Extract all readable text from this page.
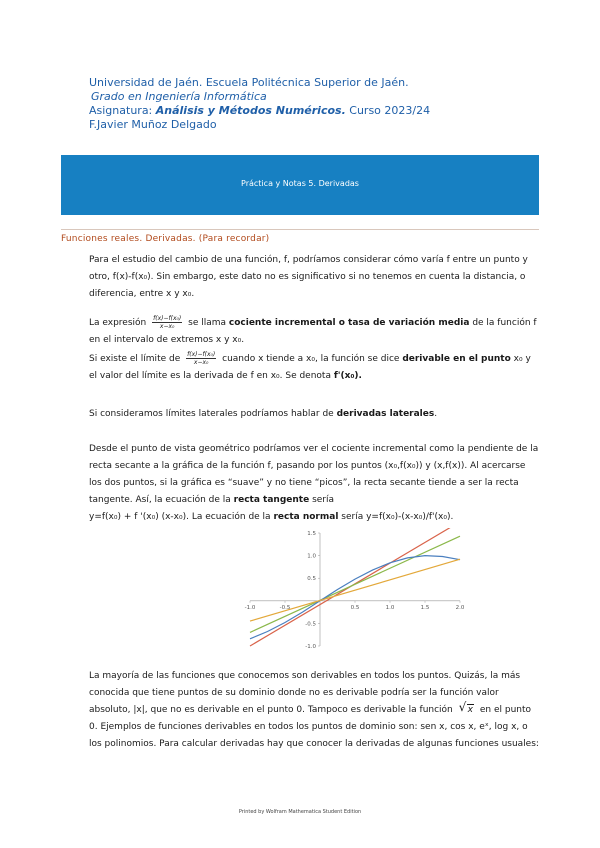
Universidad de Jaén. Escuela Politécnica Superior de Jaén.
Grado en Ingeniería Informática
Asignatura: Análisis y Métodos Numéricos. Curso 2023/24
F.Javier Muñoz Delgado
Práctica y Notas 5. Derivadas
Funciones reales. Derivadas. (Para recordar)
Para el estudio del cambio de una función, f, podríamos considerar cómo varía f entre un punto y otro, f(x)-f(x₀). Sin embargo, este dato no es significativo si no tenemos en cuenta la distancia, o diferencia, entre x y x₀.
La expresión $\frac{\text{f(x)−f(x₀)}}{\text{x−x₀}}$ se llama cociente incremental o tasa de variación media de la función f en el intervalo de extremos x y x₀.
Si existe el límite de $\frac{\text{f(x)−f(x₀)}}{\text{x−x₀}}$ cuando x tiende a x₀, la función se dice derivable en el punto x₀ y el valor del límite es la derivada de f en x₀. Se denota f'(x₀).
Si consideramos límites laterales podríamos hablar de derivadas laterales.
Desde el punto de vista geométrico podríamos ver el cociente incremental como la pendiente de la recta secante a la gráfica de la función f, pasando por los puntos (x₀,f(x₀)) y (x,f(x)). Al acercarse los dos puntos, si la gráfica es “suave” y no tiene “picos”, la recta secante tiende a ser la recta tangente. Así, la ecuación de la recta tangente sería
y=f(x₀) + f '(x₀) (x-x₀). La ecuación de la recta normal sería y=f(x₀)-(x-x₀)/f'(x₀).
-1.0	-0.5	0.5	1.0	1.5	2.0
-1.0
-0.5
0.5
1.0
1.5
La mayoría de las funciones que conocemos son derivables en todos los puntos. Quizás, la más conocida que tiene puntos de su dominio donde no es derivable podría ser la función valor absoluto, |x|, que no es derivable en el punto 0. Tampoco es derivable la función √ x en el punto 0. Ejemplos de funciones derivables en todos los puntos de dominio son: sen x, cos x, eˣ, log x, o los polinomios. Para calcular derivadas hay que conocer la derivadas de algunas funciones usuales:
Printed by Wolfram Mathematica Student Edition
